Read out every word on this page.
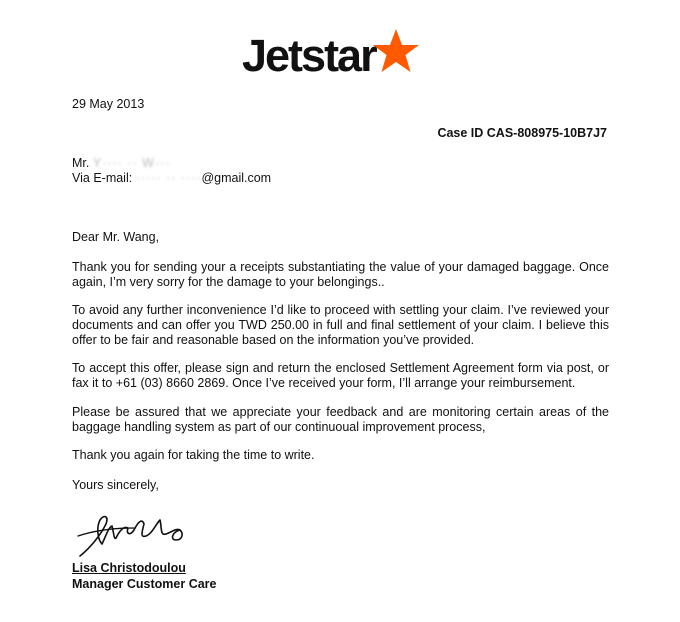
Jetstar
29 May 2013
Case ID CAS-808975-10B7J7
Mr. Y···· ·· W···
Via E-mail: ····· ·· ····@gmail.com
Dear Mr. Wang,
Thank you for sending your a receipts substantiating the value of your damaged baggage. Once again, I’m very sorry for the damage to your belongings..
To avoid any further inconvenience I’d like to proceed with settling your claim. I’ve reviewed your documents and can offer you TWD 250.00 in full and final settlement of your claim. I believe this offer to be fair and reasonable based on the information you’ve provided.
To accept this offer, please sign and return the enclosed Settlement Agreement form via post, or fax it to +61 (03) 8660 2869. Once I’ve received your form, I’ll arrange your reimbursement.
Please be assured that we appreciate your feedback and are monitoring certain areas of the baggage handling system as part of our continuoual improvement process,
Thank you again for taking the time to write.
Yours sincerely,
Lisa Christodoulou
Manager Customer Care
